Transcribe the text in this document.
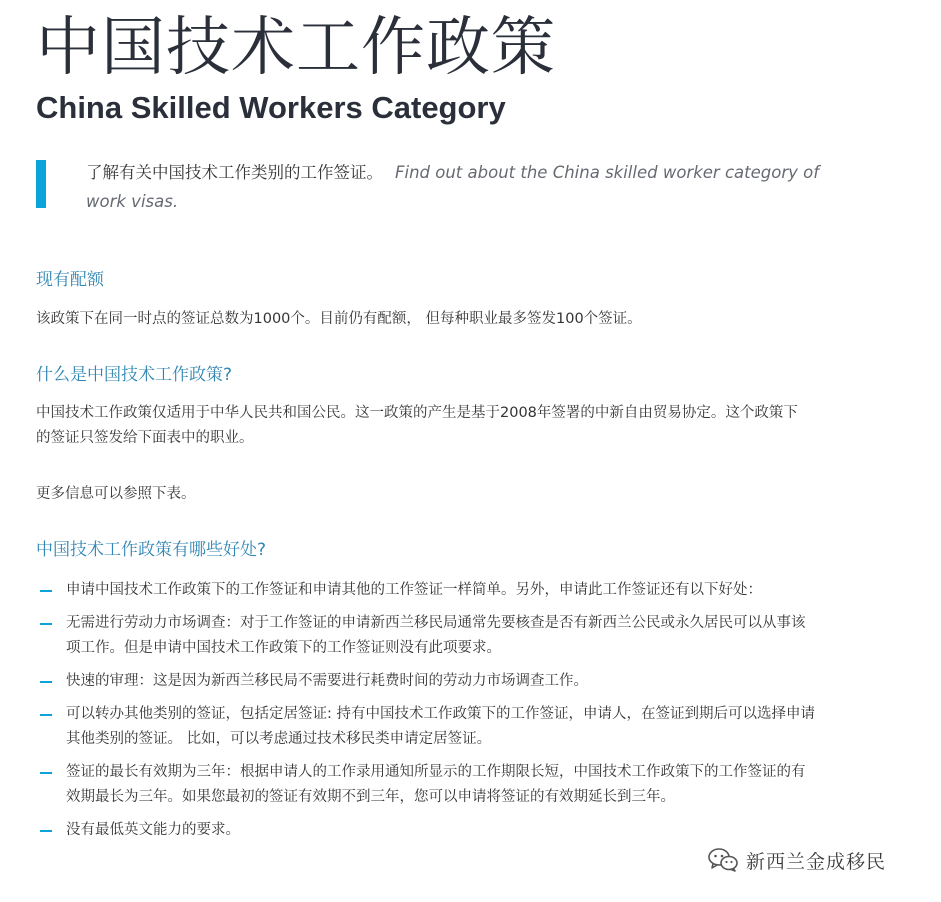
中国技术工作政策
China Skilled Workers Category
了解有关中国技术工作类别的工作签证。 Find out about the China skilled worker category of work visas.
现有配额
该政策下在同一时点的签证总数为1000个。目前仍有配额， 但每种职业最多签发100个签证。
什么是中国技术工作政策?
中国技术工作政策仅适用于中华人民共和国公民。这一政策的产生是基于2008年签署的中新自由贸易协定。这个政策下的签证只签发给下面表中的职业。
更多信息可以参照下表。
中国技术工作政策有哪些好处?
申请中国技术工作政策下的工作签证和申请其他的工作签证一样简单。另外，申请此工作签证还有以下好处：
无需进行劳动力市场调查：对于工作签证的申请新西兰移民局通常先要核查是否有新西兰公民或永久居民可以从事该项工作。但是申请中国技术工作政策下的工作签证则没有此项要求。
快速的审理：这是因为新西兰移民局不需要进行耗费时间的劳动力市场调查工作。
可以转办其他类别的签证，包括定居签证: 持有中国技术工作政策下的工作签证，申请人，在签证到期后可以选择申请其他类别的签证。 比如，可以考虑通过技术移民类申请定居签证。
签证的最长有效期为三年：根据申请人的工作录用通知所显示的工作期限长短，中国技术工作政策下的工作签证的有效期最长为三年。如果您最初的签证有效期不到三年，您可以申请将签证的有效期延长到三年。
没有最低英文能力的要求。
新西兰金成移民
